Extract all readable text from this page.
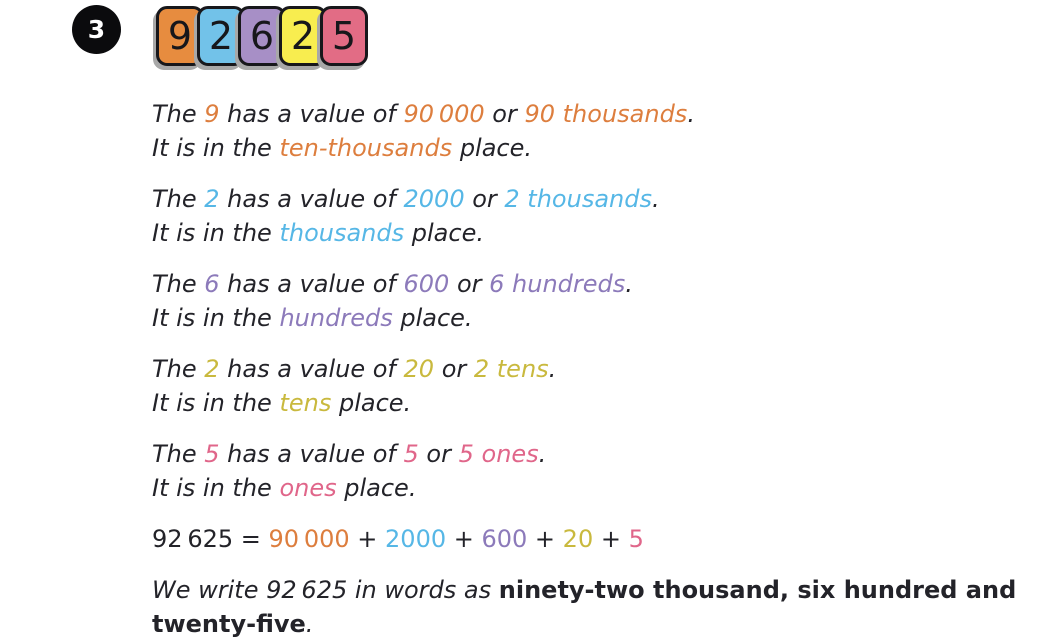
3	9 2 6 2 5

The 9 has a value of 90 000 or 90 thousands.
It is in the ten-thousands place.

The 2 has a value of 2000 or 2 thousands.
It is in the thousands place.

The 6 has a value of 600 or 6 hundreds.
It is in the hundreds place.

The 2 has a value of 20 or 2 tens.
It is in the tens place.

The 5 has a value of 5 or 5 ones.
It is in the ones place.

92 625 = 90 000 + 2000 + 600 + 20 + 5

We write 92 625 in words as ninety-two thousand, six hundred and
twenty-five.
